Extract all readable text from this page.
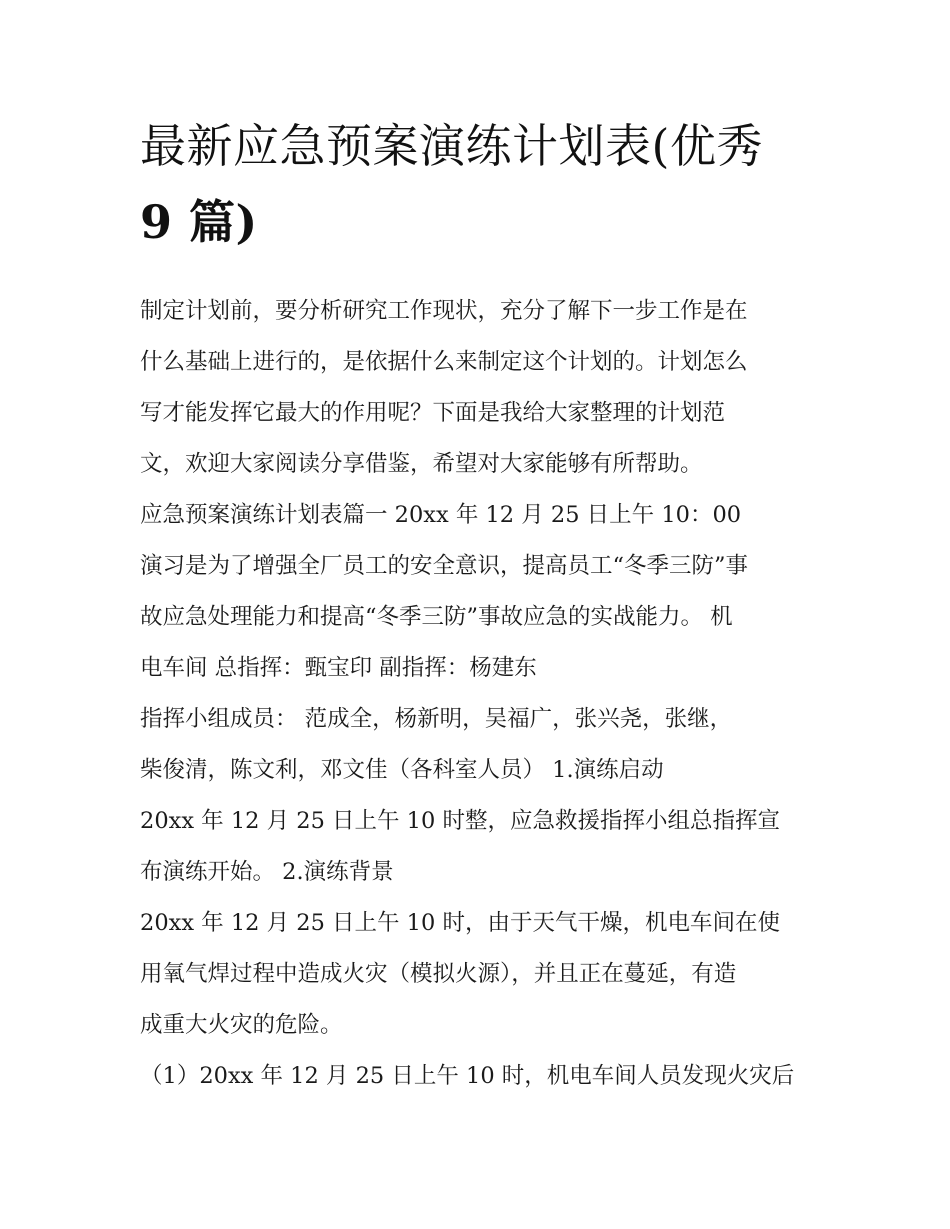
最新应急预案演练计划表(优秀
9 篇)
制定计划前，要分析研究工作现状，充分了解下一步工作是在
什么基础上进行的，是依据什么来制定这个计划的。计划怎么
写才能发挥它最大的作用呢？下面是我给大家整理的计划范
文，欢迎大家阅读分享借鉴，希望对大家能够有所帮助。
应急预案演练计划表篇一 20xx 年 12 月 25 日上午 10：00
演习是为了增强全厂员工的安全意识，提高员工“冬季三防”事
故应急处理能力和提高“冬季三防”事故应急的实战能力。 机
电车间 总指挥：甄宝印 副指挥：杨建东
指挥小组成员： 范成全，杨新明，吴福广，张兴尧，张继，
柴俊清，陈文利，邓文佳（各科室人员） 1.演练启动
20xx 年 12 月 25 日上午 10 时整，应急救援指挥小组总指挥宣
布演练开始。 2.演练背景
20xx 年 12 月 25 日上午 10 时，由于天气干燥，机电车间在使
用氧气焊过程中造成火灾（模拟火源），并且正在蔓延，有造
成重大火灾的危险。
（1）20xx 年 12 月 25 日上午 10 时，机电车间人员发现火灾后
